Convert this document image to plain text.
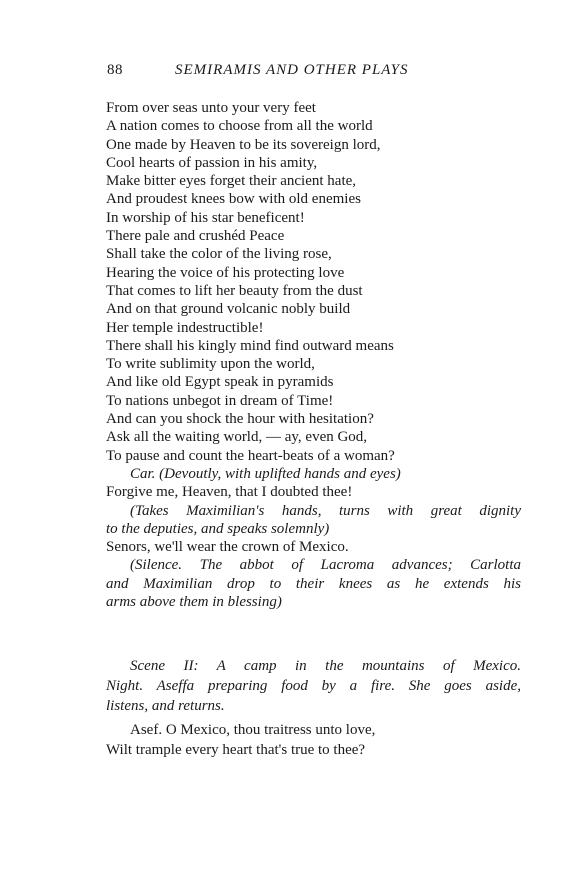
88	SEMIRAMIS AND OTHER PLAYS
From over seas unto your very feet
A nation comes to choose from all the world
One made by Heaven to be its sovereign lord,
Cool hearts of passion in his amity,
Make bitter eyes forget their ancient hate,
And proudest knees bow with old enemies
In worship of his star beneficent!
There pale and crushéd Peace
Shall take the color of the living rose,
Hearing the voice of his protecting love
That comes to lift her beauty from the dust
And on that ground volcanic nobly build
Her temple indestructible!
There shall his kingly mind find outward means
To write sublimity upon the world,
And like old Egypt speak in pyramids
To nations unbegot in dream of Time!
And can you shock the hour with hesitation?
Ask all the waiting world, — ay, even God,
To pause and count the heart-beats of a woman?
Car. (Devoutly, with uplifted hands and eyes)
Forgive me, Heaven, that I doubted thee!
(Takes Maximilian's hands, turns with great dignity
to the deputies, and speaks solemnly)
Senors, we'll wear the crown of Mexico.
(Silence. The abbot of Lacroma advances; Carlotta
and Maximilian drop to their knees as he extends his
arms above them in blessing)
Scene II: A camp in the mountains of Mexico.
Night. Aseffa preparing food by a fire. She goes aside,
listens, and returns.
Asef. O Mexico, thou traitress unto love,
Wilt trample every heart that's true to thee?
